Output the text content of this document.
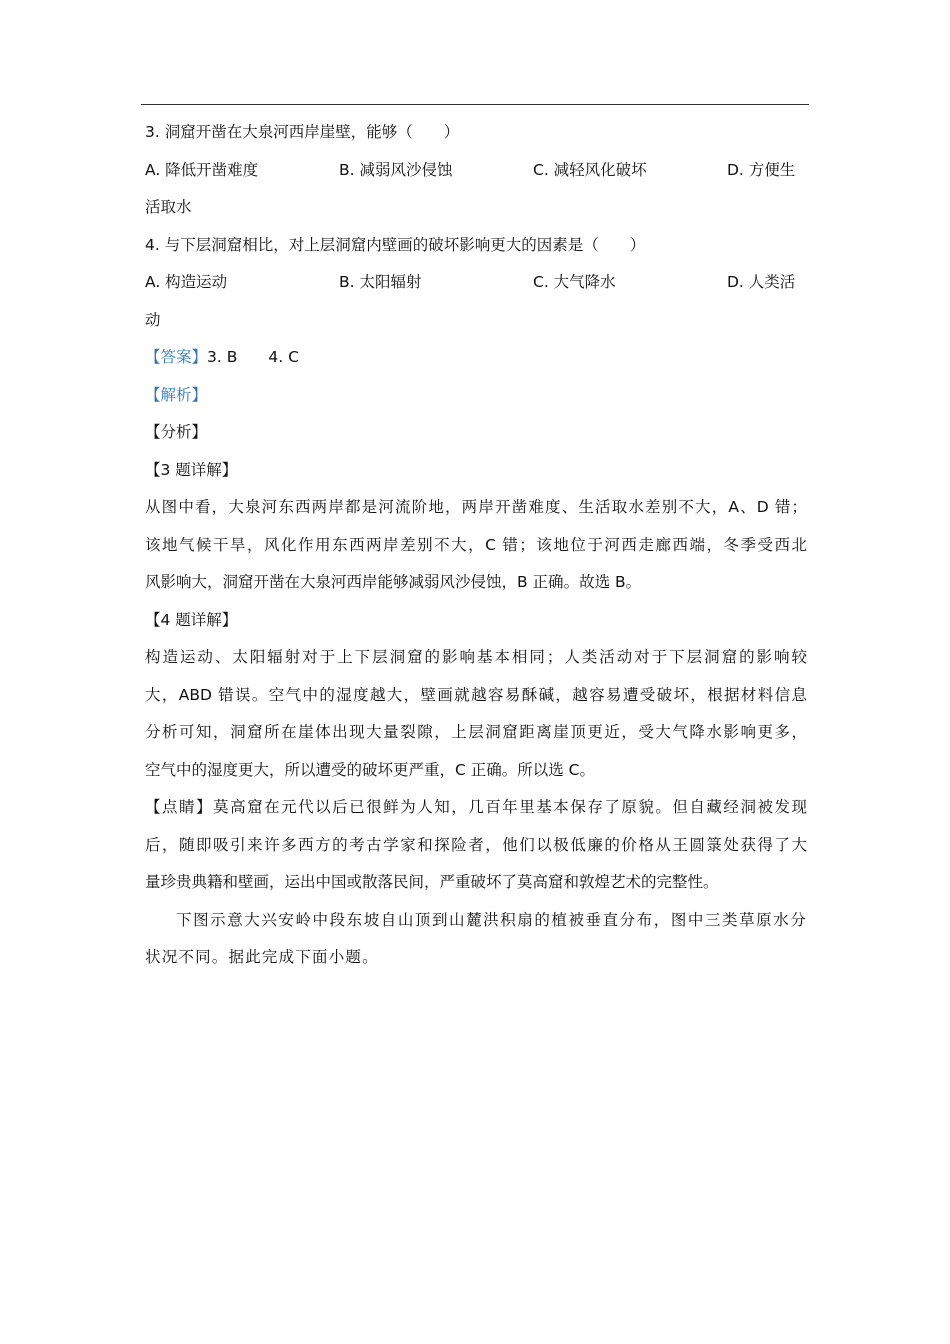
3. 洞窟开凿在大泉河西岸崖壁，能够（　　）
A. 降低开凿难度	B. 减弱风沙侵蚀	C. 减轻风化破坏	D. 方便生
活取水
4. 与下层洞窟相比，对上层洞窟内壁画的破坏影响更大的因素是（　　）
A. 构造运动	B. 太阳辐射	C. 大气降水	D. 人类活
动
【答案】3. B　　4. C
【解析】
【分析】
【3 题详解】
从图中看，大泉河东西两岸都是河流阶地，两岸开凿难度、生活取水差别不大，A、D 错；
该地气候干旱，风化作用东西两岸差别不大，C 错；该地位于河西走廊西端，冬季受西北
风影响大，洞窟开凿在大泉河西岸能够减弱风沙侵蚀，B 正确。故选 B。
【4 题详解】
构造运动、太阳辐射对于上下层洞窟的影响基本相同；人类活动对于下层洞窟的影响较
大，ABD 错误。空气中的湿度越大，壁画就越容易酥碱，越容易遭受破坏，根据材料信息
分析可知，洞窟所在崖体出现大量裂隙，上层洞窟距离崖顶更近，受大气降水影响更多，
空气中的湿度更大，所以遭受的破坏更严重，C 正确。所以选 C。
【点睛】莫高窟在元代以后已很鲜为人知，几百年里基本保存了原貌。但自藏经洞被发现
后，随即吸引来许多西方的考古学家和探险者，他们以极低廉的价格从王圆箓处获得了大
量珍贵典籍和壁画，运出中国或散落民间，严重破坏了莫高窟和敦煌艺术的完整性。
下图示意大兴安岭中段东坡自山顶到山麓洪积扇的植被垂直分布，图中三类草原水分
状况不同。据此完成下面小题。
